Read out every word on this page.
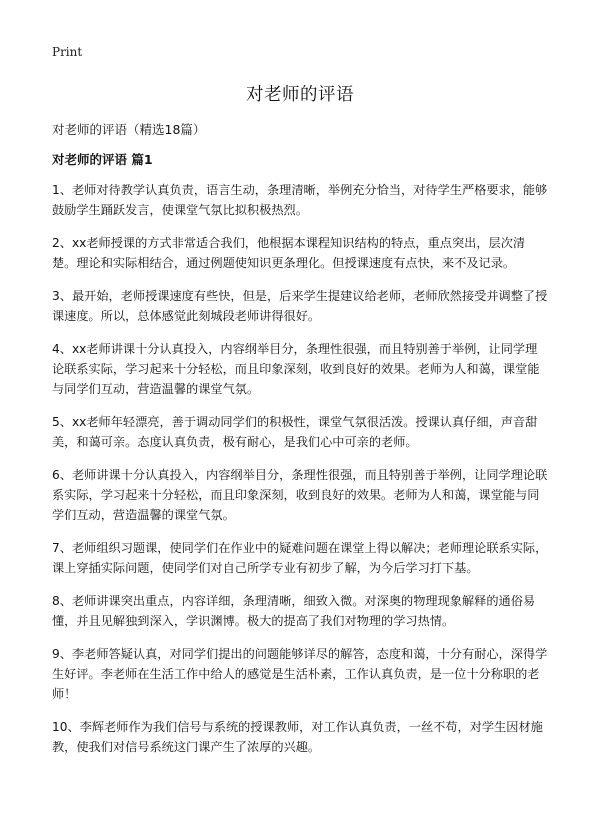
Print
对老师的评语
对老师的评语（精选18篇）
对老师的评语 篇1

1、老师对待教学认真负责，语言生动，条理清晰，举例充分恰当，对待学生严格要求，能够鼓励学生踊跃发言，使课堂气氛比拟积极热烈。

2、xx老师授课的方式非常适合我们，他根据本课程知识结构的特点，重点突出，层次清楚。理论和实际相结合，通过例题使知识更条理化。但授课速度有点快，来不及记录。

3、最开始，老师授课速度有些快，但是，后来学生提建议给老师，老师欣然接受并调整了授课速度。所以，总体感觉此刻城段老师讲得很好。

4、xx老师讲课十分认真投入，内容纲举目分，条理性很强，而且特别善于举例，让同学理论联系实际，学习起来十分轻松，而且印象深刻，收到良好的效果。老师为人和蔼，课堂能与同学们互动，营造温馨的课堂气氛。

5、xx老师年轻漂亮，善于调动同学们的积极性，课堂气氛很活泼。授课认真仔细，声音甜美，和蔼可亲。态度认真负责，极有耐心，是我们心中可亲的老师。

6、老师讲课十分认真投入，内容纲举目分，条理性很强，而且特别善于举例，让同学理论联系实际，学习起来十分轻松，而且印象深刻，收到良好的效果。老师为人和蔼，课堂能与同学们互动，营造温馨的课堂气氛。

7、老师组织习题课，使同学们在作业中的疑难问题在课堂上得以解决；老师理论联系实际，课上穿插实际问题，使同学们对自己所学专业有初步了解，为今后学习打下基。

8、老师讲课突出重点，内容详细，条理清晰，细致入微。对深奥的物理现象解释的通俗易懂，并且见解独到深入，学识渊博。极大的提高了我们对物理的学习热情。

9、李老师答疑认真，对同学们提出的问题能够详尽的解答，态度和蔼，十分有耐心，深得学生好评。李老师在生活工作中给人的感觉是生活朴素，工作认真负责，是一位十分称职的老师！

10、李辉老师作为我们信号与系统的授课教师，对工作认真负责，一丝不苟，对学生因材施教，使我们对信号系统这门课产生了浓厚的兴趣。
